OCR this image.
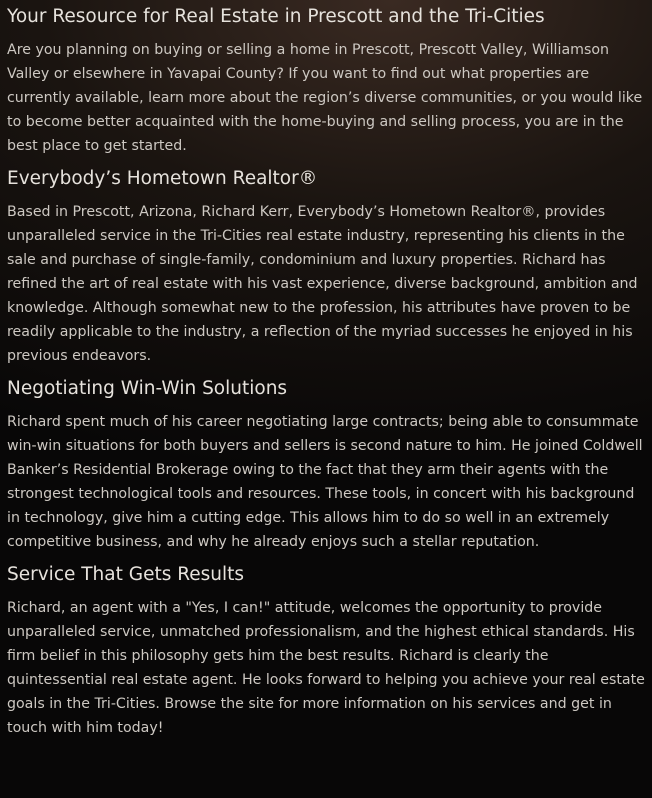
Your Resource for Real Estate in Prescott and the Tri-Cities

Are you planning on buying or selling a home in Prescott, Prescott Valley, Williamson Valley or elsewhere in Yavapai County? If you want to find out what properties are currently available, learn more about the region’s diverse communities, or you would like to become better acquainted with the home-buying and selling process, you are in the best place to get started.

Everybody’s Hometown Realtor®

Based in Prescott, Arizona, Richard Kerr, Everybody’s Hometown Realtor®, provides unparalleled service in the Tri-Cities real estate industry, representing his clients in the sale and purchase of single-family, condominium and luxury properties. Richard has refined the art of real estate with his vast experience, diverse background, ambition and knowledge. Although somewhat new to the profession, his attributes have proven to be readily applicable to the industry, a reflection of the myriad successes he enjoyed in his previous endeavors.

Negotiating Win-Win Solutions

Richard spent much of his career negotiating large contracts; being able to consummate win-win situations for both buyers and sellers is second nature to him. He joined Coldwell Banker’s Residential Brokerage owing to the fact that they arm their agents with the strongest technological tools and resources. These tools, in concert with his background in technology, give him a cutting edge. This allows him to do so well in an extremely competitive business, and why he already enjoys such a stellar reputation.

Service That Gets Results

Richard, an agent with a "Yes, I can!" attitude, welcomes the opportunity to provide unparalleled service, unmatched professionalism, and the highest ethical standards. His firm belief in this philosophy gets him the best results. Richard is clearly the quintessential real estate agent. He looks forward to helping you achieve your real estate goals in the Tri-Cities. Browse the site for more information on his services and get in touch with him today!
